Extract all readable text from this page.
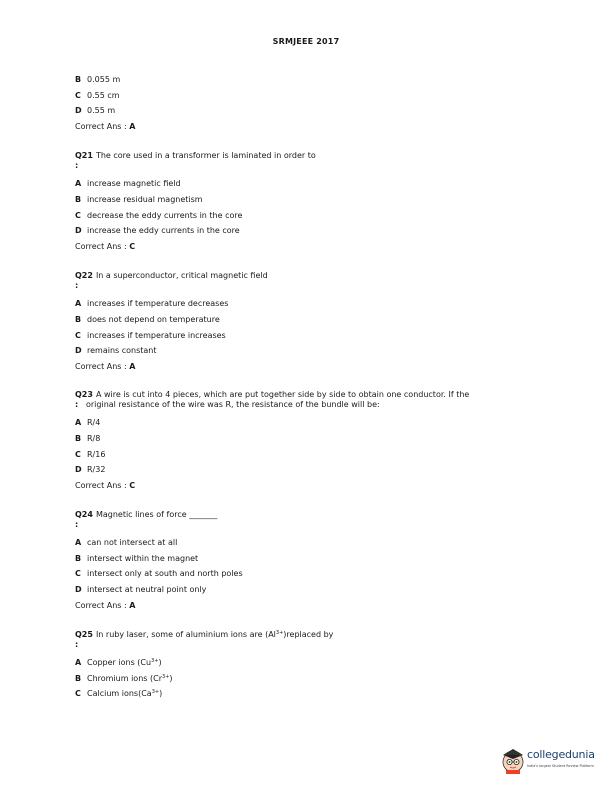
SRMJEEE 2017
B 0.055 m
C 0.55 cm
D 0.55 m
Correct Ans : A
Q21 The core used in a transformer is laminated in order to
:
A increase magnetic field
B increase residual magnetism
C decrease the eddy currents in the core
D increase the eddy currents in the core
Correct Ans : C
Q22 In a superconductor, critical magnetic field
:
A increases if temperature decreases
B does not depend on temperature
C increases if temperature increases
D remains constant
Correct Ans : A
Q23 A wire is cut into 4 pieces, which are put together side by side to obtain one conductor. If the
: original resistance of the wire was R, the resistance of the bundle will be:
A R/4
B R/8
C R/16
D R/32
Correct Ans : C
Q24 Magnetic lines of force _______
:
A can not intersect at all
B intersect within the magnet
C intersect only at south and north poles
D intersect at neutral point only
Correct Ans : A
Q25 In ruby laser, some of aluminium ions are $(Al^{3+})replaced$ by
:
A Copper ions $(Cu^{3+})$
B Chromium ions $(Cr^{3+})$
C Calcium $ions(Ca^{3+})$
collegedunia
India's largest Student Review Platform
